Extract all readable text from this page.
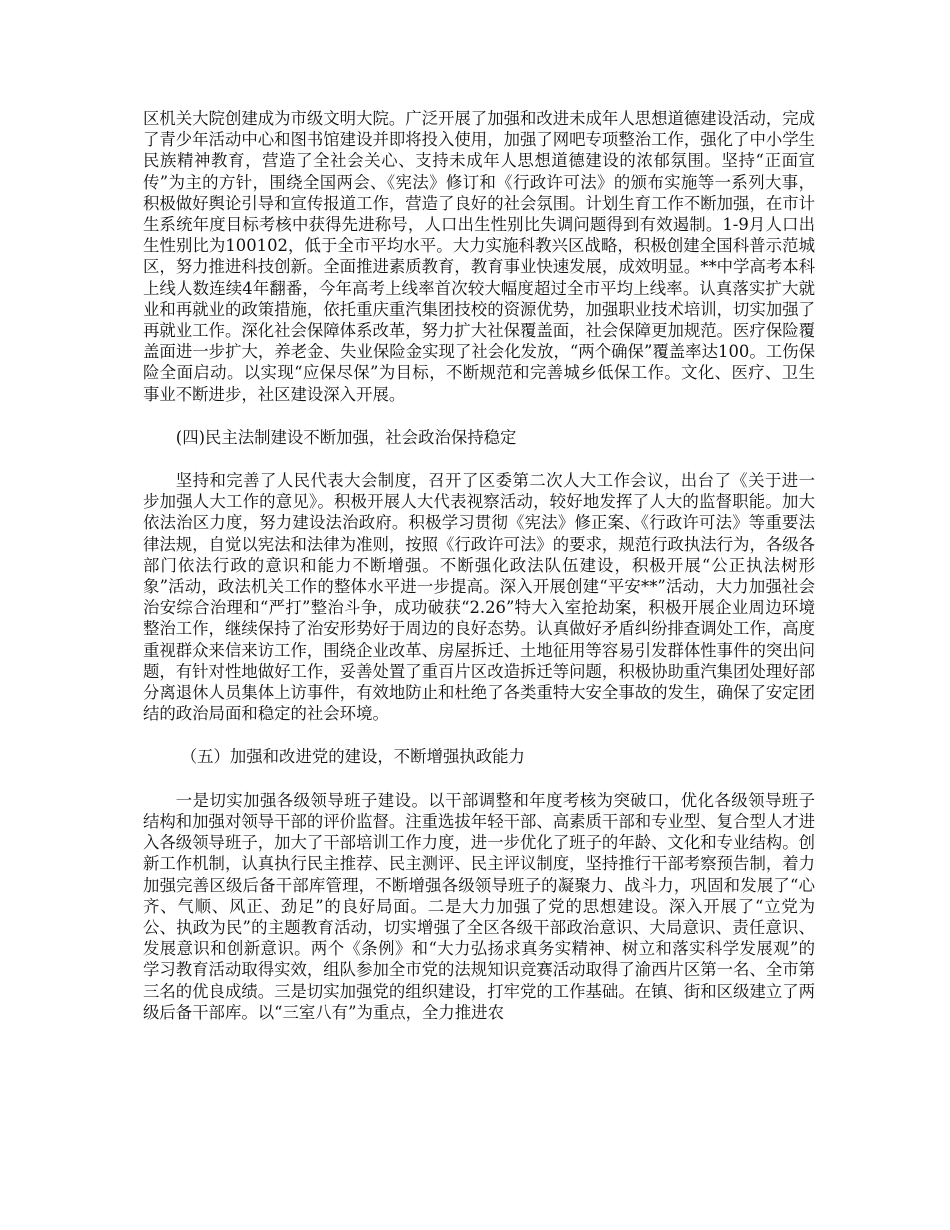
区机关大院创建成为市级文明大院。广泛开展了加强和改进未成年人思想道德建设活动，完成了青少年活动中心和图书馆建设并即将投入使用，加强了网吧专项整治工作，强化了中小学生民族精神教育，营造了全社会关心、支持未成年人思想道德建设的浓郁氛围。坚持“正面宣传”为主的方针，围绕全国两会、《宪法》修订和《行政许可法》的颁布实施等一系列大事，积极做好舆论引导和宣传报道工作，营造了良好的社会氛围。计划生育工作不断加强，在市计生系统年度目标考核中获得先进称号，人口出生性别比失调问题得到有效遏制。1-9月人口出生性别比为100102，低于全市平均水平。大力实施科教兴区战略，积极创建全国科普示范城区，努力推进科技创新。全面推进素质教育，教育事业快速发展，成效明显。**中学高考本科上线人数连续4年翻番，今年高考上线率首次较大幅度超过全市平均上线率。认真落实扩大就业和再就业的政策措施，依托重庆重汽集团技校的资源优势，加强职业技术培训，切实加强了再就业工作。深化社会保障体系改革，努力扩大社保覆盖面，社会保障更加规范。医疗保险覆盖面进一步扩大，养老金、失业保险金实现了社会化发放，“两个确保”覆盖率达100。工伤保险全面启动。以实现“应保尽保”为目标，不断规范和完善城乡低保工作。文化、医疗、卫生事业不断进步，社区建设深入开展。

(四)民主法制建设不断加强，社会政治保持稳定

坚持和完善了人民代表大会制度，召开了区委第二次人大工作会议，出台了《关于进一步加强人大工作的意见》。积极开展人大代表视察活动，较好地发挥了人大的监督职能。加大依法治区力度，努力建设法治政府。积极学习贯彻《宪法》修正案、《行政许可法》等重要法律法规，自觉以宪法和法律为准则，按照《行政许可法》的要求，规范行政执法行为，各级各部门依法行政的意识和能力不断增强。不断强化政法队伍建设，积极开展“公正执法树形象”活动，政法机关工作的整体水平进一步提高。深入开展创建“平安**”活动，大力加强社会治安综合治理和“严打”整治斗争，成功破获“2.26”特大入室抢劫案，积极开展企业周边环境整治工作，继续保持了治安形势好于周边的良好态势。认真做好矛盾纠纷排查调处工作，高度重视群众来信来访工作，围绕企业改革、房屋拆迁、土地征用等容易引发群体性事件的突出问题，有针对性地做好工作，妥善处置了重百片区改造拆迁等问题，积极协助重汽集团处理好部分离退休人员集体上访事件，有效地防止和杜绝了各类重特大安全事故的发生，确保了安定团结的政治局面和稳定的社会环境。

（五）加强和改进党的建设，不断增强执政能力

一是切实加强各级领导班子建设。以干部调整和年度考核为突破口，优化各级领导班子结构和加强对领导干部的评价监督。注重选拔年轻干部、高素质干部和专业型、复合型人才进入各级领导班子，加大了干部培训工作力度，进一步优化了班子的年龄、文化和专业结构。创新工作机制，认真执行民主推荐、民主测评、民主评议制度，坚持推行干部考察预告制，着力加强完善区级后备干部库管理，不断增强各级领导班子的凝聚力、战斗力，巩固和发展了“心齐、气顺、风正、劲足”的良好局面。二是大力加强了党的思想建设。深入开展了“立党为公、执政为民”的主题教育活动，切实增强了全区各级干部政治意识、大局意识、责任意识、发展意识和创新意识。两个《条例》和“大力弘扬求真务实精神、树立和落实科学发展观”的学习教育活动取得实效，组队参加全市党的法规知识竞赛活动取得了渝西片区第一名、全市第三名的优良成绩。三是切实加强党的组织建设，打牢党的工作基础。在镇、街和区级建立了两级后备干部库。以“三室八有”为重点，全力推进农
